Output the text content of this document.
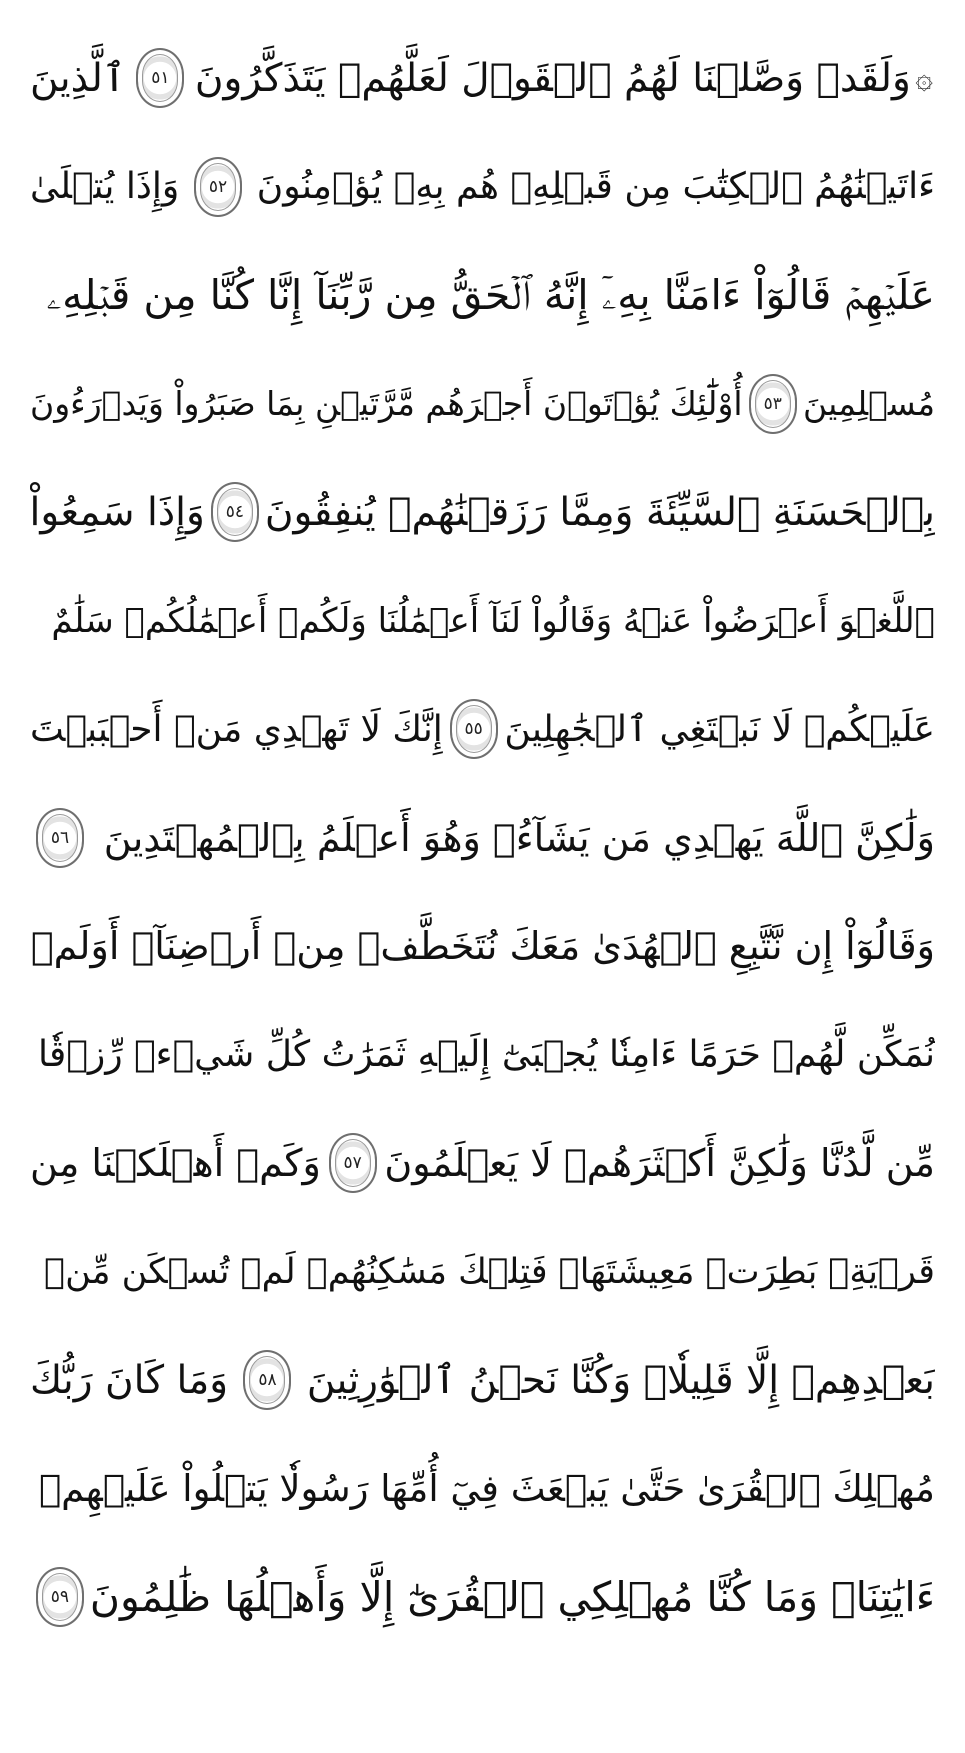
۞
وَلَقَدۡ وَصَّلۡنَا لَهُمُ ٱلۡقَوۡلَ لَعَلَّهُمۡ يَتَذَكَّرُونَ
٥١
ٱلَّذِينَ
ءَاتَيۡنَٰهُمُ ٱلۡكِتَٰبَ مِن قَبۡلِهِۦ هُم بِهِۦ يُؤۡمِنُونَ
٥٢
وَإِذَا يُتۡلَىٰ
عَلَيۡهِمۡ قَالُوٓاْ ءَامَنَّا بِهِۦٓ إِنَّهُ ٱلۡحَقُّ مِن رَّبِّنَآ إِنَّا كُنَّا مِن قَبۡلِهِۦ
مُسۡلِمِينَ
٥٣
أُوْلَٰٓئِكَ يُؤۡتَوۡنَ أَجۡرَهُم مَّرَّتَيۡنِ بِمَا صَبَرُواْ وَيَدۡرَءُونَ
بِٱلۡحَسَنَةِ ٱلسَّيِّئَةَ وَمِمَّا رَزَقۡنَٰهُمۡ يُنفِقُونَ
٥٤
وَإِذَا سَمِعُواْ
ٱللَّغۡوَ أَعۡرَضُواْ عَنۡهُ وَقَالُواْ لَنَآ أَعۡمَٰلُنَا وَلَكُمۡ أَعۡمَٰلُكُمۡ سَلَٰمٌ
عَلَيۡكُمۡ لَا نَبۡتَغِي ٱلۡجَٰهِلِينَ
٥٥
إِنَّكَ لَا تَهۡدِي مَنۡ أَحۡبَبۡتَ
وَلَٰكِنَّ ٱللَّهَ يَهۡدِي مَن يَشَآءُۚ وَهُوَ أَعۡلَمُ بِٱلۡمُهۡتَدِينَ
٥٦
وَقَالُوٓاْ إِن نَّتَّبِعِ ٱلۡهُدَىٰ مَعَكَ نُتَخَطَّفۡ مِنۡ أَرۡضِنَآۚ أَوَلَمۡ
نُمَكِّن لَّهُمۡ حَرَمًا ءَامِنٗا يُجۡبَىٰٓ إِلَيۡهِ ثَمَرَٰتُ كُلِّ شَيۡءٖ رِّزۡقٗا
مِّن لَّدُنَّا وَلَٰكِنَّ أَكۡثَرَهُمۡ لَا يَعۡلَمُونَ
٥٧
وَكَمۡ أَهۡلَكۡنَا مِن
قَرۡيَةِۭ بَطِرَتۡ مَعِيشَتَهَاۖ فَتِلۡكَ مَسَٰكِنُهُمۡ لَمۡ تُسۡكَن مِّنۢ
بَعۡدِهِمۡ إِلَّا قَلِيلٗاۖ وَكُنَّا نَحۡنُ ٱلۡوَٰرِثِينَ
٥٨
وَمَا كَانَ رَبُّكَ
مُهۡلِكَ ٱلۡقُرَىٰ حَتَّىٰ يَبۡعَثَ فِيٓ أُمِّهَا رَسُولٗا يَتۡلُواْ عَلَيۡهِمۡ
ءَايَٰتِنَاۚ وَمَا كُنَّا مُهۡلِكِي ٱلۡقُرَىٰٓ إِلَّا وَأَهۡلُهَا ظَٰلِمُونَ
٥٩
